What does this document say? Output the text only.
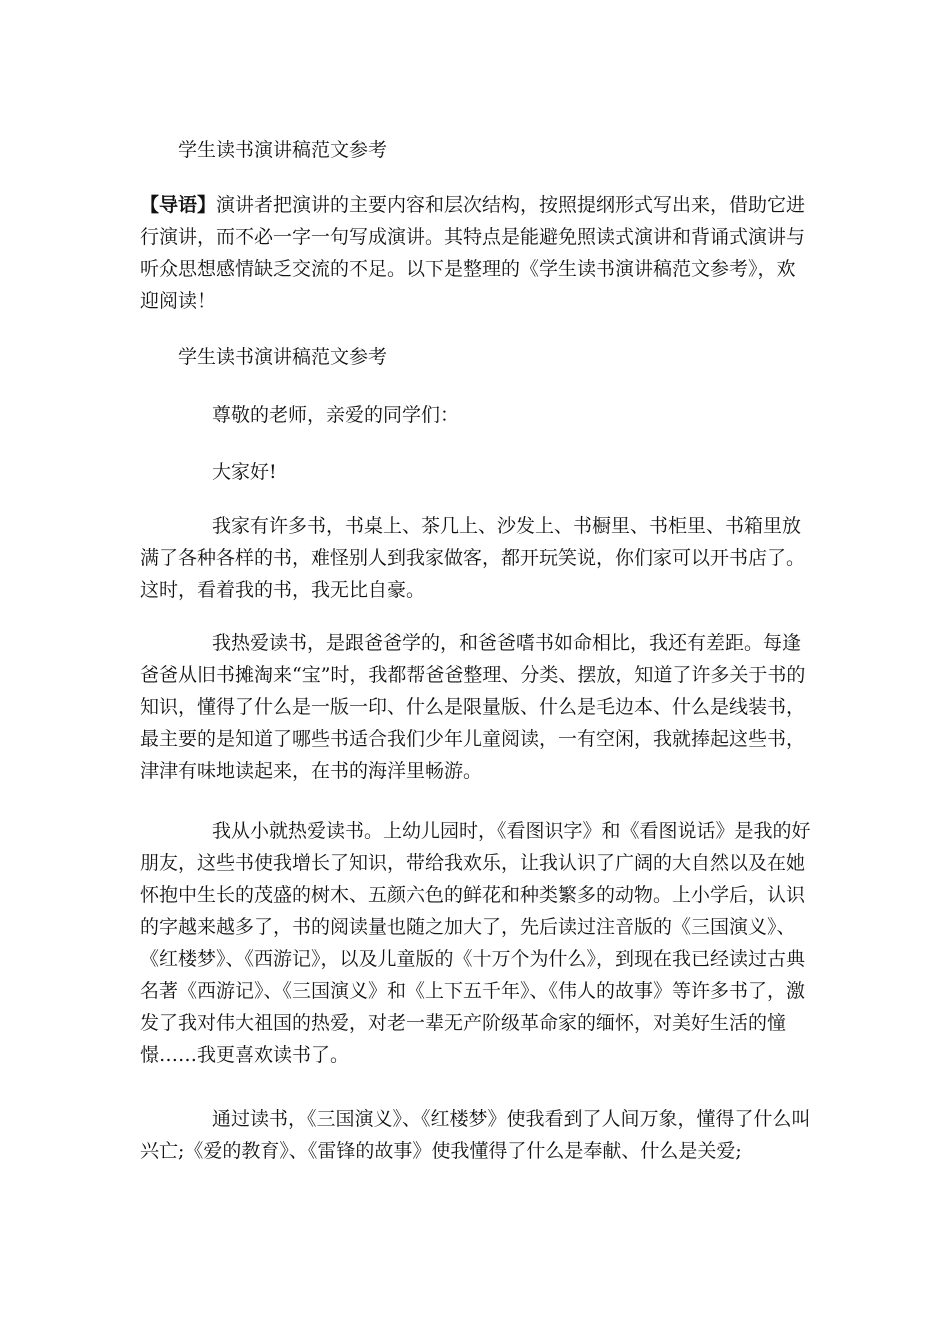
学生读书演讲稿范文参考

【导语】演讲者把演讲的主要内容和层次结构，按照提纲形式写出来，借助它进行演讲，而不必一字一句写成演讲。其特点是能避免照读式演讲和背诵式演讲与听众思想感情缺乏交流的不足。以下是整理的《学生读书演讲稿范文参考》，欢迎阅读！

学生读书演讲稿范文参考

尊敬的老师，亲爱的同学们：

大家好!

我家有许多书，书桌上、茶几上、沙发上、书橱里、书柜里、书箱里放满了各种各样的书，难怪别人到我家做客，都开玩笑说，你们家可以开书店了。这时，看着我的书，我无比自豪。

我热爱读书，是跟爸爸学的，和爸爸嗜书如命相比，我还有差距。每逢爸爸从旧书摊淘来“宝”时，我都帮爸爸整理、分类、摆放，知道了许多关于书的知识，懂得了什么是一版一印、什么是限量版、什么是毛边本、什么是线装书，最主要的是知道了哪些书适合我们少年儿童阅读，一有空闲，我就捧起这些书，津津有味地读起来，在书的海洋里畅游。

我从小就热爱读书。上幼儿园时，《看图识字》和《看图说话》是我的好朋友，这些书使我增长了知识，带给我欢乐，让我认识了广阔的大自然以及在她怀抱中生长的茂盛的树木、五颜六色的鲜花和种类繁多的动物。上小学后，认识的字越来越多了，书的阅读量也随之加大了，先后读过注音版的《三国演义》、《红楼梦》、《西游记》，以及儿童版的《十万个为什么》，到现在我已经读过古典名著《西游记》、《三国演义》和《上下五千年》、《伟人的故事》等许多书了，激发了我对伟大祖国的热爱，对老一辈无产阶级革命家的缅怀，对美好生活的憧憬……我更喜欢读书了。

通过读书，《三国演义》、《红楼梦》使我看到了人间万象，懂得了什么叫兴亡;《爱的教育》、《雷锋的故事》使我懂得了什么是奉献、什么是关爱;
